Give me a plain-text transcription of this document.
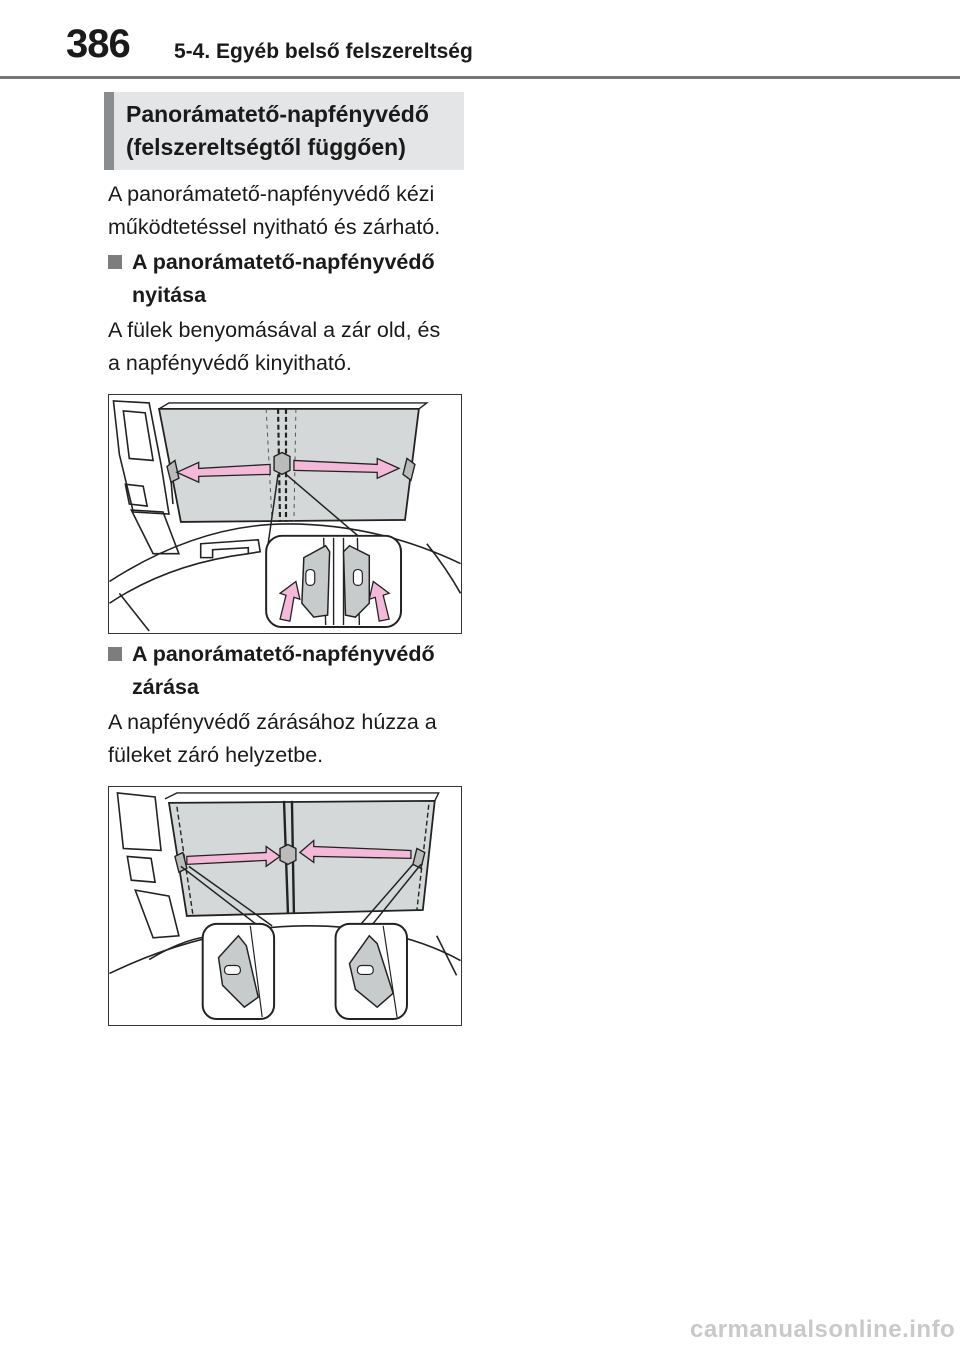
386 5-4. Egyéb belső felszereltség
Panorámatető-napfényvédő
(felszereltségtől függően)
A panorámatető-napfényvédő kézi
működtetéssel nyitható és zárható.
A panorámatető-napfényvédő
nyitása
A fülek benyomásával a zár old, és
a napfényvédő kinyitható.
A panorámatető-napfényvédő
zárása
A napfényvédő zárásához húzza a
füleket záró helyzetbe.
carmanualsonline.info
